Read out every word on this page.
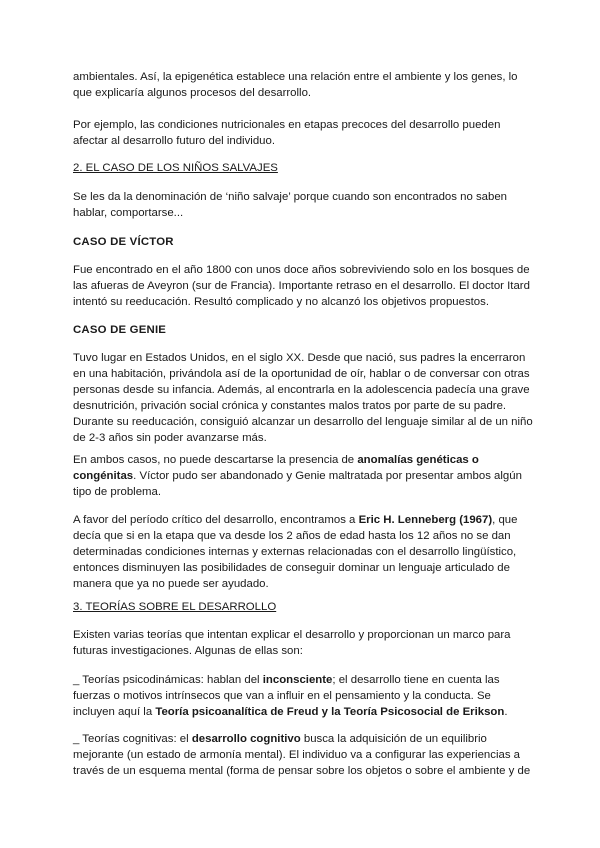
ambientales. Así, la epigenética establece una relación entre el ambiente y los genes, lo que explicaría algunos procesos del desarrollo.

Por ejemplo, las condiciones nutricionales en etapas precoces del desarrollo pueden afectar al desarrollo futuro del individuo.

2. EL CASO DE LOS NIÑOS SALVAJES

Se les da la denominación de ‘niño salvaje’ porque cuando son encontrados no saben hablar, comportarse...

CASO DE VÍCTOR

Fue encontrado en el año 1800 con unos doce años sobreviviendo solo en los bosques de las afueras de Aveyron (sur de Francia). Importante retraso en el desarrollo. El doctor Itard intentó su reeducación. Resultó complicado y no alcanzó los objetivos propuestos.

CASO DE GENIE

Tuvo lugar en Estados Unidos, en el siglo XX. Desde que nació, sus padres la encerraron en una habitación, privándola así de la oportunidad de oír, hablar o de conversar con otras personas desde su infancia. Además, al encontrarla en la adolescencia padecía una grave desnutrición, privación social crónica y constantes malos tratos por parte de su padre. Durante su reeducación, consiguió alcanzar un desarrollo del lenguaje similar al de un niño de 2-3 años sin poder avanzarse más.

En ambos casos, no puede descartarse la presencia de anomalías genéticas o congénitas. Víctor pudo ser abandonado y Genie maltratada por presentar ambos algún tipo de problema.

A favor del período crítico del desarrollo, encontramos a Eric H. Lenneberg (1967), que decía que si en la etapa que va desde los 2 años de edad hasta los 12 años no se dan determinadas condiciones internas y externas relacionadas con el desarrollo lingüístico, entonces disminuyen las posibilidades de conseguir dominar un lenguaje articulado de manera que ya no puede ser ayudado.

3. TEORÍAS SOBRE EL DESARROLLO

Existen varias teorías que intentan explicar el desarrollo y proporcionan un marco para futuras investigaciones. Algunas de ellas son:

_ Teorías psicodinámicas: hablan del inconsciente; el desarrollo tiene en cuenta las fuerzas o motivos intrínsecos que van a influir en el pensamiento y la conducta. Se incluyen aquí la Teoría psicoanalítica de Freud y la Teoría Psicosocial de Erikson.

_ Teorías cognitivas: el desarrollo cognitivo busca la adquisición de un equilibrio mejorante (un estado de armonía mental). El individuo va a configurar las experiencias a través de un esquema mental (forma de pensar sobre los objetos o sobre el ambiente y de
